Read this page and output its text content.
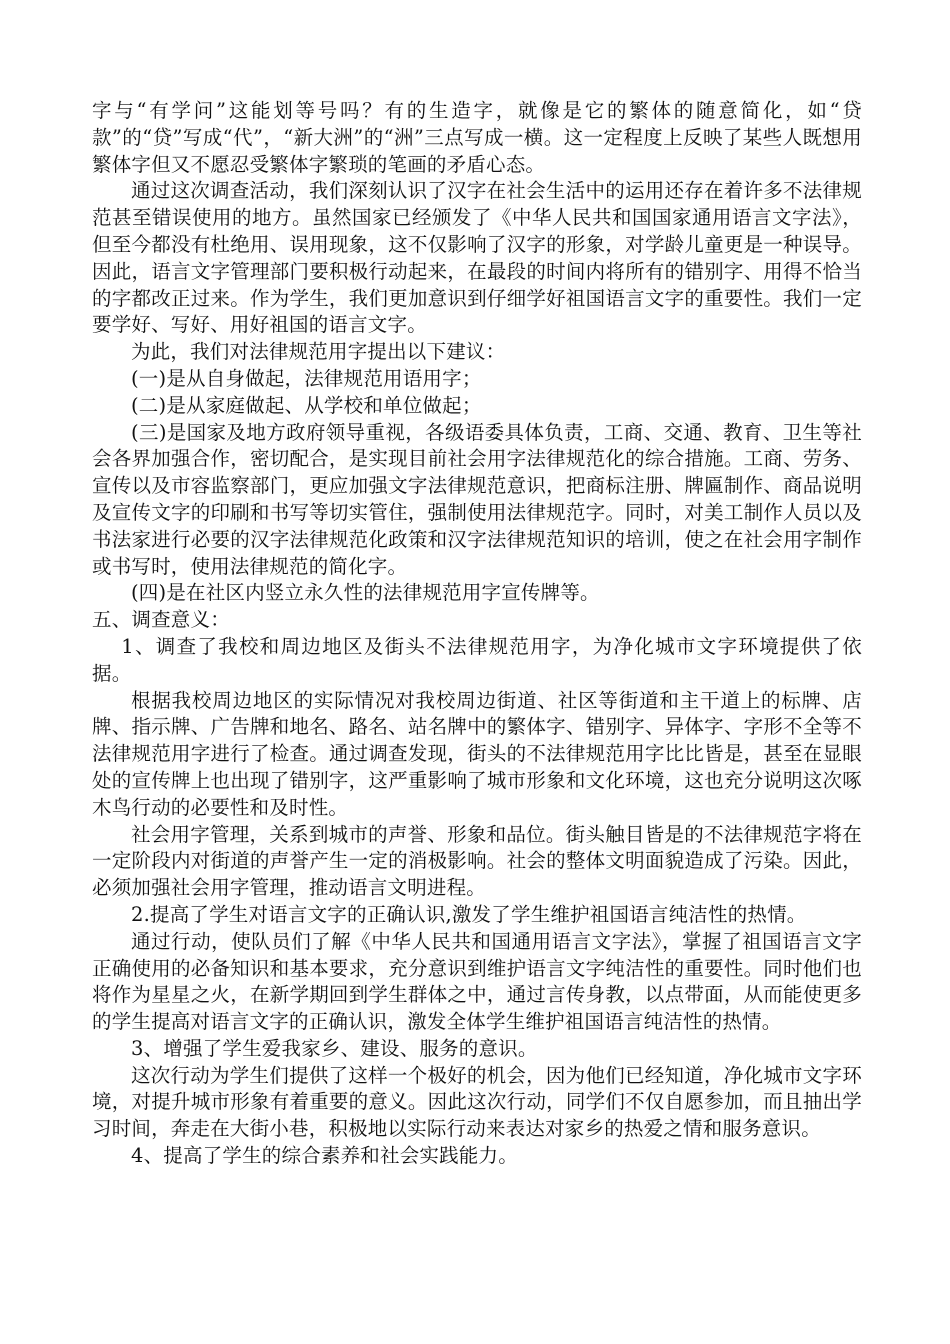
字与“有学问”这能划等号吗？有的生造字，就像是它的繁体的随意简化，如“贷款”的“贷”写成“代”，“新大洲”的“洲”三点写成一横。这一定程度上反映了某些人既想用繁体字但又不愿忍受繁体字繁琐的笔画的矛盾心态。

通过这次调查活动，我们深刻认识了汉字在社会生活中的运用还存在着许多不法律规范甚至错误使用的地方。虽然国家已经颁发了《中华人民共和国国家通用语言文字法》，但至今都没有杜绝用、误用现象，这不仅影响了汉字的形象，对学龄儿童更是一种误导。因此，语言文字管理部门要积极行动起来，在最段的时间内将所有的错别字、用得不恰当的字都改正过来。作为学生，我们更加意识到仔细学好祖国语言文字的重要性。我们一定要学好、写好、用好祖国的语言文字。

为此，我们对法律规范用字提出以下建议：

(一)是从自身做起，法律规范用语用字；

(二)是从家庭做起、从学校和单位做起；

(三)是国家及地方政府领导重视，各级语委具体负责，工商、交通、教育、卫生等社会各界加强合作，密切配合，是实现目前社会用字法律规范化的综合措施。工商、劳务、宣传以及市容监察部门，更应加强文字法律规范意识，把商标注册、牌匾制作、商品说明及宣传文字的印刷和书写等切实管住，强制使用法律规范字。同时，对美工制作人员以及书法家进行必要的汉字法律规范化政策和汉字法律规范知识的培训，使之在社会用字制作或书写时，使用法律规范的简化字。

(四)是在社区内竖立永久性的法律规范用字宣传牌等。

五、调查意义：

1、调查了我校和周边地区及街头不法律规范用字，为净化城市文字环境提供了依据。

根据我校周边地区的实际情况对我校周边街道、社区等街道和主干道上的标牌、店牌、指示牌、广告牌和地名、路名、站名牌中的繁体字、错别字、异体字、字形不全等不法律规范用字进行了检查。通过调查发现，街头的不法律规范用字比比皆是，甚至在显眼处的宣传牌上也出现了错别字，这严重影响了城市形象和文化环境，这也充分说明这次啄木鸟行动的必要性和及时性。

社会用字管理，关系到城市的声誉、形象和品位。街头触目皆是的不法律规范字将在一定阶段内对街道的声誉产生一定的消极影响。社会的整体文明面貌造成了污染。因此，必须加强社会用字管理，推动语言文明进程。

2.提高了学生对语言文字的正确认识,激发了学生维护祖国语言纯洁性的热情。

通过行动，使队员们了解《中华人民共和国通用语言文字法》，掌握了祖国语言文字正确使用的必备知识和基本要求，充分意识到维护语言文字纯洁性的重要性。同时他们也将作为星星之火，在新学期回到学生群体之中，通过言传身教，以点带面，从而能使更多的学生提高对语言文字的正确认识，激发全体学生维护祖国语言纯洁性的热情。

3、增强了学生爱我家乡、建设、服务的意识。

这次行动为学生们提供了这样一个极好的机会，因为他们已经知道，净化城市文字环境，对提升城市形象有着重要的意义。因此这次行动，同学们不仅自愿参加，而且抽出学习时间，奔走在大街小巷，积极地以实际行动来表达对家乡的热爱之情和服务意识。

4、提高了学生的综合素养和社会实践能力。
